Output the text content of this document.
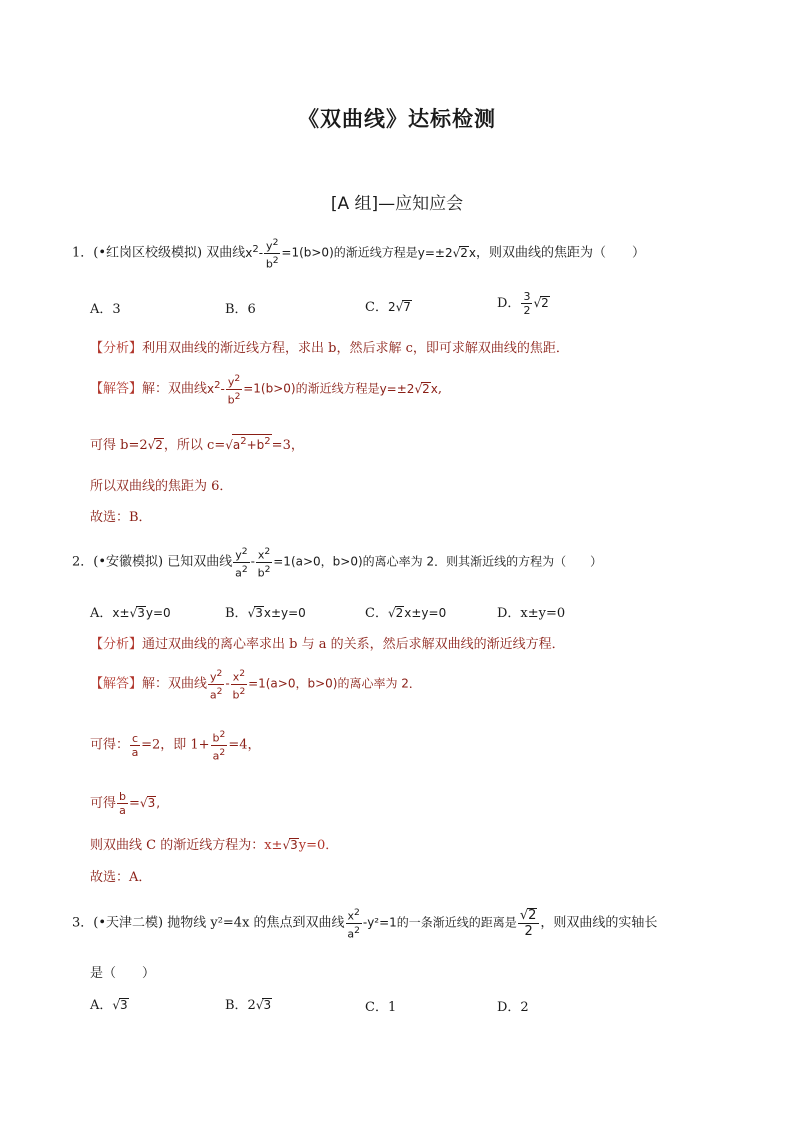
《双曲线》达标检测
[A 组]—应知应会
1．(•红岗区校级模拟) 双曲线$x^2- \frac{y^2}{b^2} =1(b>0)$的渐近线方程是y=±2√2x，则双曲线的焦距为（　　）
A．3	B．6	C．2√7	D． $\frac{3}{2} √2$
【分析】利用双曲线的渐近线方程，求出 b，然后求解 c，即可求解双曲线的焦距．
【解答】解：双曲线$x^2- \frac{y^2}{b^2} =1(b>0)$的渐近线方程是y=±2√2x,
可得 b=2√2，所以 $c=√a^2+b^2=3$，
所以双曲线的焦距为 6．
故选：B．
2．(•安徽模拟) 已知双曲线 $\frac{y^2}{a^2} - \frac{x^2}{b^2} =1(a>0$，b>0)的离心率为 2．则其渐近线的方程为（　　）
A．x±√3y=0	B．√3x±y=0	C．√2x±y=0	D．x±y=0
【分析】通过双曲线的离心率求出 b 与 a 的关系，然后求解双曲线的渐近线方程．
【解答】解：双曲线 $\frac{y^2}{a^2} - \frac{x^2}{b^2} =1(a>0$，b>0)的离心率为 2．
可得： $\frac{c}{a} =2$，即 $1+ \frac{b^2}{a^2} =4$，
可得 $\frac{b}{a} =√3$,
则双曲线 C 的渐近线方程为：x±√3y=0．
故选：A．
3．(•天津二模) 抛物线 y²=4x 的焦点到双曲线 $\frac{x^2}{a^2} -y^2=1$的一条渐近线的距离是 $\frac{√2}{2}$ ，则双曲线的实轴长
是（　　）
A．√3	B．2√3	C．1	D．2
